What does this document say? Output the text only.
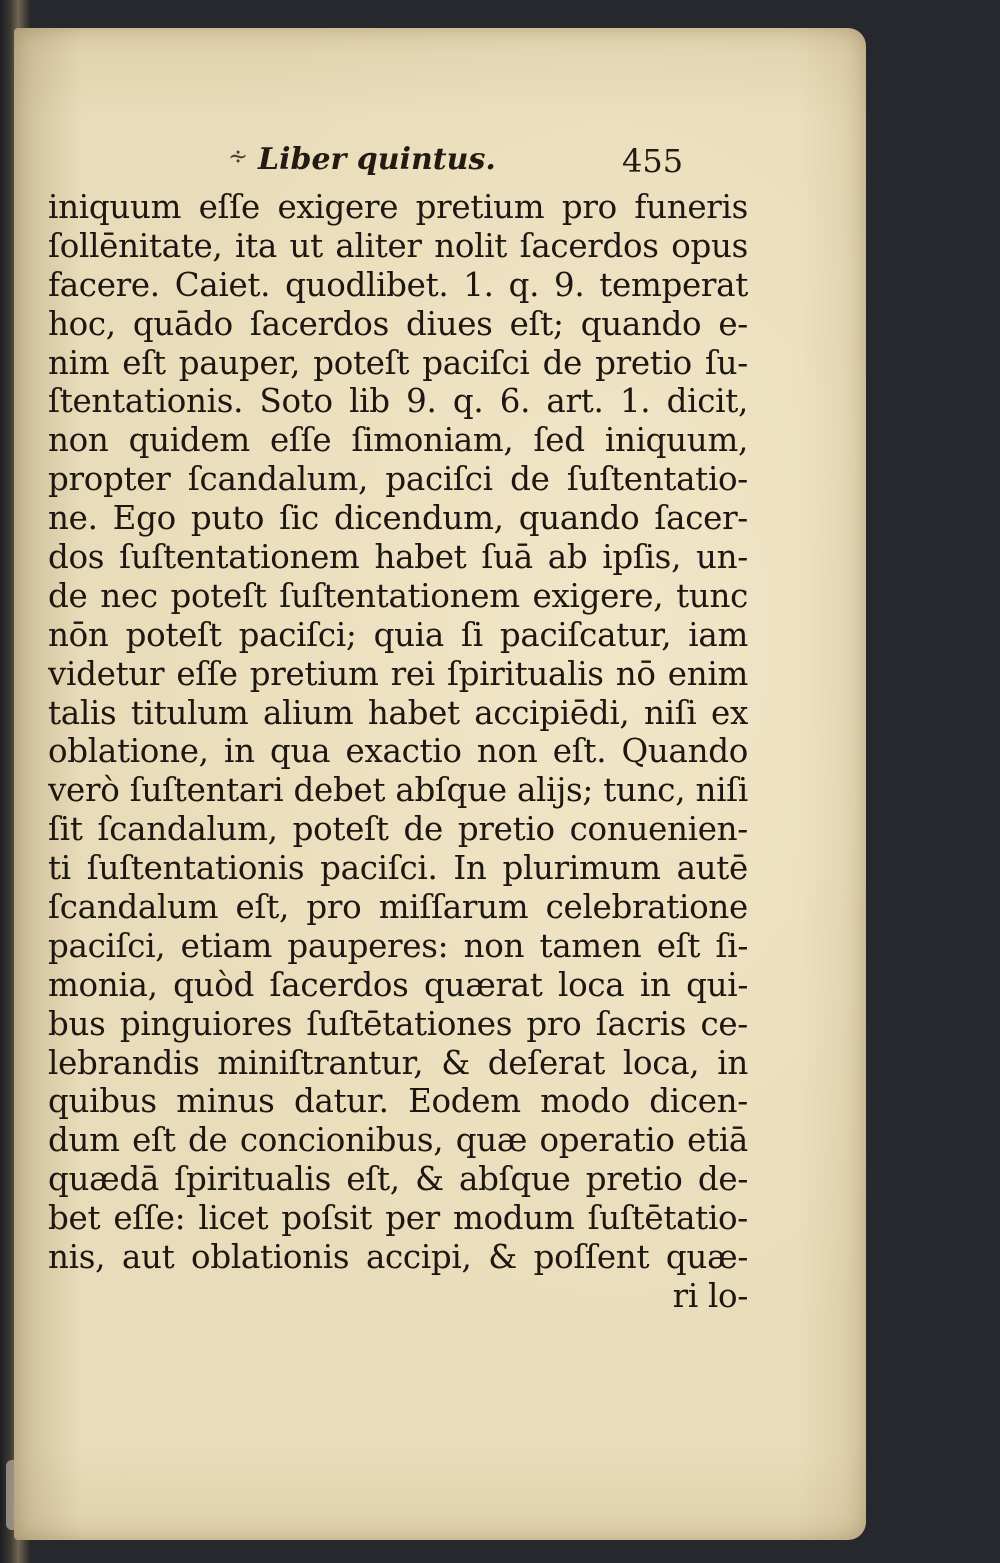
∻ Liber quintus.	455
iniquum eſſe exigere pretium pro funeris
ſollēnitate, ita ut aliter nolit ſacerdos opus
facere. Caiet. quodlibet. 1. q. 9. temperat
hoc, quādo ſacerdos diues eſt; quando e-
nim eſt pauper, poteſt paciſci de pretio ſu-
ſtentationis. Soto lib 9. q. 6. art. 1. dicit,
non quidem eſſe ſimoniam, ſed iniquum,
propter ſcandalum, paciſci de ſuſtentatio-
ne. Ego puto ſic dicendum, quando ſacer-
dos ſuſtentationem habet ſuā ab ipſis, un-
de nec poteſt ſuſtentationem exigere, tunc
nōn poteſt paciſci; quia ſi paciſcatur, iam
videtur eſſe pretium rei ſpiritualis nō enim
talis titulum alium habet accipiēdi, niſi ex
oblatione, in qua exactio non eſt. Quando
verò ſuſtentari debet abſque alijs; tunc, niſi
ſit ſcandalum, poteſt de pretio conuenien-
ti ſuſtentationis paciſci. In plurimum autē
ſcandalum eſt, pro miſſarum celebratione
paciſci, etiam pauperes: non tamen eſt ſi-
monia, quòd ſacerdos quærat loca in qui-
bus pinguiores ſuſtētationes pro ſacris ce-
lebrandis miniſtrantur, & deſerat loca, in
quibus minus datur. Eodem modo dicen-
dum eſt de concionibus, quæ operatio etiā
quædā ſpiritualis eſt, & abſque pretio de-
bet eſſe: licet poſsit per modum ſuſtētatio-
nis, aut oblationis accipi, & poſſent quæ-
ri lo-
